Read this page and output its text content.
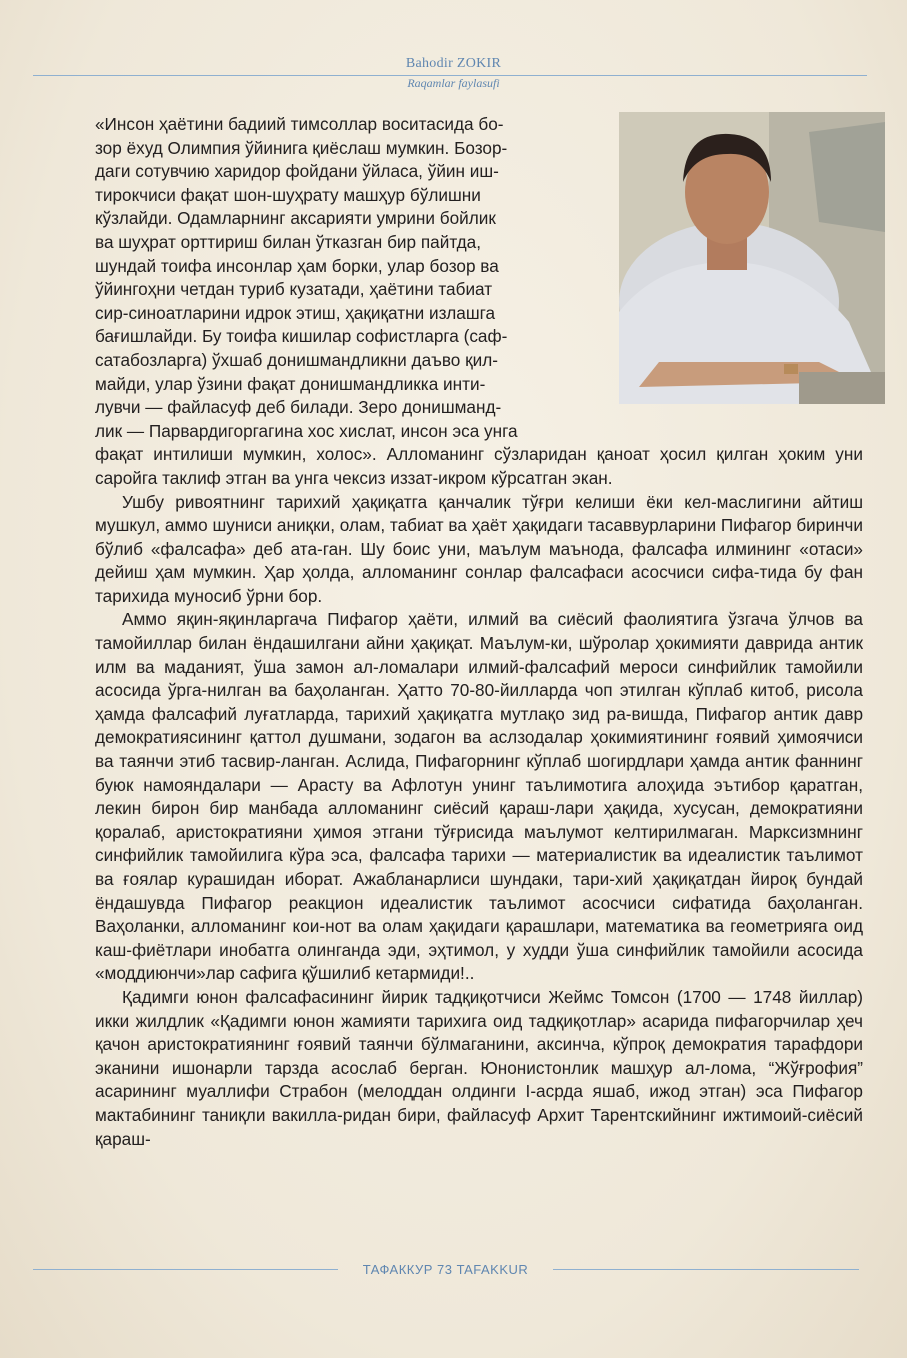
Bahodir ZOKIR
Raqamlar faylasufi
«Инсон ҳаётини бадиий тимсоллар воситасида бо-
зор ёхуд Олимпия ўйинига қиёслаш мумкин. Бозор-
даги сотувчию харидор фойдани ўйласа, ўйин иш-
тирокчиси фақат шон-шуҳрату машҳур бўлишни
кўзлайди. Одамларнинг аксарияти умрини бойлик
ва шуҳрат орттириш билан ўтказган бир пайтда,
шундай тоифа инсонлар ҳам борки, улар бозор ва
ўйингоҳни четдан туриб кузатади, ҳаётини табиат
сир-синоатларини идрок этиш, ҳақиқатни излашга
бағишлайди. Бу тоифа кишилар софистларга (саф-
сатабозларга) ўхшаб донишмандликни даъво қил-
майди, улар ўзини фақат донишмандликка инти-
лувчи — файласуф деб билади. Зеро донишманд-
лик — Парвардигоргагина хос хислат, инсон эса унга

фақат интилиши мумкин, холос». Алломанинг сўзларидан қаноат ҳосил қилган ҳоким уни саройга таклиф этган ва унга чексиз иззат-икром кўрсатган экан.

Ушбу ривоятнинг тарихий ҳақиқатга қанчалик тўғри келиши ёки кел-маслигини айтиш мушкул, аммо шуниси аниқки, олам, табиат ва ҳаёт ҳақидаги тасаввурларини Пифагор биринчи бўлиб «фалсафа» деб ата-ган. Шу боис уни, маълум маънода, фалсафа илмининг «отаси» дейиш ҳам мумкин. Ҳар ҳолда, алломанинг сонлар фалсафаси асосчиси сифа-тида бу фан тарихида муносиб ўрни бор.

Аммо яқин-яқинларгача Пифагор ҳаёти, илмий ва сиёсий фаолиятига ўзгача ўлчов ва тамойиллар билан ёндашилгани айни ҳақиқат. Маълум-ки, шўролар ҳокимияти даврида антик илм ва маданият, ўша замон ал-ломалари илмий-фалсафий мероси синфийлик тамойили асосида ўрга-нилган ва баҳоланган. Ҳатто 70-80-йилларда чоп этилган кўплаб китоб, рисола ҳамда фалсафий луғатларда, тарихий ҳақиқатга мутлақо зид ра-вишда, Пифагор антик давр демократиясининг қаттол душмани, зодагон ва аслзодалар ҳокимиятининг ғоявий ҳимоячиси ва таянчи этиб тасвир-ланган. Аслида, Пифагорнинг кўплаб шогирдлари ҳамда антик фаннинг буюк намояндалари — Арасту ва Афлотун унинг таълимотига алоҳида эътибор қаратган, лекин бирон бир манбада алломанинг сиёсий қараш-лари ҳақида, хусусан, демократияни қоралаб, аристократияни ҳимоя этгани тўғрисида маълумот келтирилмаган. Марксизмнинг синфийлик тамойилига кўра эса, фалсафа тарихи — материалистик ва идеалистик таълимот ва ғоялар курашидан иборат. Ажабланарлиси шундаки, тари-хий ҳақиқатдан йироқ бундай ёндашувда Пифагор реакцион идеалистик таълимот асосчиси сифатида баҳоланган. Ваҳоланки, алломанинг кои-нот ва олам ҳақидаги қарашлари, математика ва геометрияга оид каш-фиётлари инобатга олинганда эди, эҳтимол, у худди ўша синфийлик тамойили асосида «моддиюнчи»лар сафига қўшилиб кетармиди!..

Қадимги юнон фалсафасининг йирик тадқиқотчиси Жеймс Томсон (1700 — 1748 йиллар) икки жилдлик «Қадимги юнон жамияти тарихига оид тадқиқотлар» асарида пифагорчилар ҳеч қачон аристократиянинг ғоявий таянчи бўлмаганини, аксинча, кўпроқ демократия тарафдори эканини ишонарли тарзда асослаб берган. Юнонистонлик машҳур ал-лома, “Жўғрофия” асарининг муаллифи Страбон (мелоддан олдинги I-асрда яшаб, ижод этган) эса Пифагор мактабининг таниқли вакилла-ридан бири, файласуф Архит Тарентскийнинг ижтимоий-сиёсий қараш-

ТАФАККУР 73 TAFAKKUR
